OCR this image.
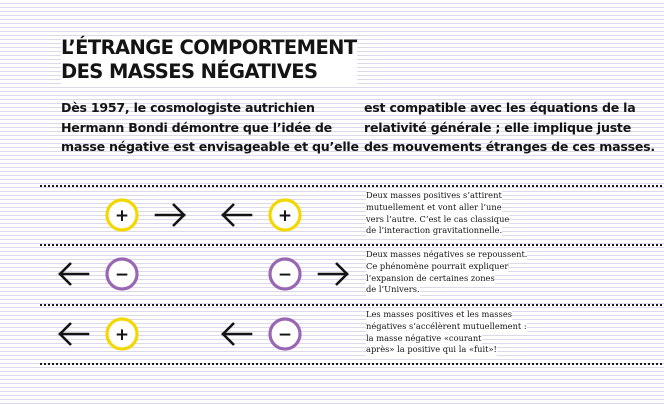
L’ÉTRANGE COMPORTEMENT
DES MASSES NÉGATIVES

Dès 1957, le cosmologiste autrichien
Hermann Bondi démontre que l’idée de
masse négative est envisageable et qu’elle

est compatible avec les équations de la
relativité générale ; elle implique juste
des mouvements étranges de ces masses.

+	+
−	−
+	−

Deux masses positives s’attirent
mutuellement et vont aller l’une
vers l’autre. C’est le cas classique
de l’interaction gravitationnelle.

Deux masses négatives se repoussent.
Ce phénomène pourrait expliquer
l’expansion de certaines zones
de l’Univers.

Les masses positives et les masses
négatives s’accélèrent mutuellement :
la masse négative «courant
après» la positive qui la «fuit»!
